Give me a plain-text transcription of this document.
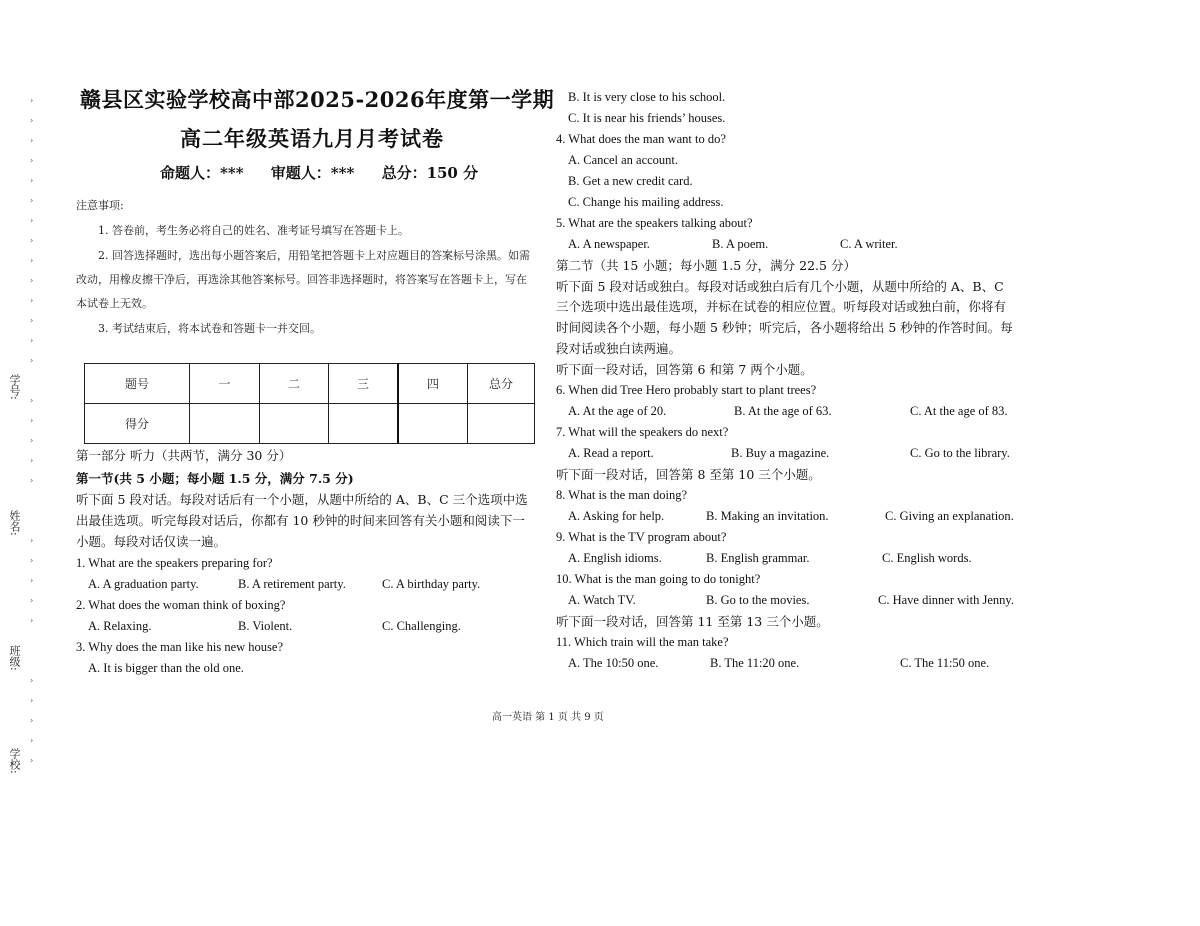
›
›
›
›
›
›
›
›
›
›
›
›
›
›
›
›
›
›
›
›
›
›
›
›
›
›
›
›
›
学号:
姓名:
班级:
学校:
赣县区实验学校高中部2025-2026年度第一学期
高二年级英语九月月考试卷
命题人：*** 审题人：*** 总分：150 分
注意事项:
1. 答卷前，考生务必将自己的姓名、准考证号填写在答题卡上。
2. 回答选择题时，选出每小题答案后，用铅笔把答题卡上对应题目的答案标号涂黑。如需
改动，用橡皮擦干净后，再选涂其他答案标号。回答非选择题时，将答案写在答题卡上，写在
本试卷上无效。
3. 考试结束后，将本试卷和答题卡一并交回。
题号	一	二	三	四	总分
得分					
第一部分 听力（共两节，满分 30 分）
第一节(共 5 小题；每小题 1.5 分，满分 7.5 分)
听下面 5 段对话。每段对话后有一个小题，从题中所给的 A、B、C 三个选项中选
出最佳选项。听完每段对话后，你都有 10 秒钟的时间来回答有关小题和阅读下一
小题。每段对话仅读一遍。
1. What are the speakers preparing for?
A. A graduation party.	B. A retirement party.	C. A birthday party.
2. What does the woman think of boxing?
A. Relaxing.	B. Violent.	C. Challenging.
3. Why does the man like his new house?
A. It is bigger than the old one.
B. It is very close to his school.
C. It is near his friends’ houses.
4. What does the man want to do?
A. Cancel an account.
B. Get a new credit card.
C. Change his mailing address.
5. What are the speakers talking about?
A. A newspaper.	B. A poem.	C. A writer.
第二节（共 15 小题；每小题 1.5 分，满分 22.5 分）
听下面 5 段对话或独白。每段对话或独白后有几个小题，从题中所给的 A、B、C
三个选项中选出最佳选项，并标在试卷的相应位置。听每段对话或独白前，你将有
时间阅读各个小题，每小题 5 秒钟；听完后，各小题将给出 5 秒钟的作答时间。每
段对话或独白读两遍。
听下面一段对话，回答第 6 和第 7 两个小题。
6. When did Tree Hero probably start to plant trees?
A. At the age of 20.	B. At the age of 63.	C. At the age of 83.
7. What will the speakers do next?
A. Read a report.	B. Buy a magazine.	C. Go to the library.
听下面一段对话，回答第 8 至第 10 三个小题。
8. What is the man doing?
A. Asking for help.	B. Making an invitation.	C. Giving an explanation.
9. What is the TV program about?
A. English idioms.	B. English grammar.	C. English words.
10. What is the man going to do tonight?
A. Watch TV.	B. Go to the movies.	C. Have dinner with Jenny.
听下面一段对话，回答第 11 至第 13 三个小题。
11. Which train will the man take?
A. The 10:50 one.	B. The 11:20 one.	C. The 11:50 one.
高一英语 第 1 页 共 9 页
